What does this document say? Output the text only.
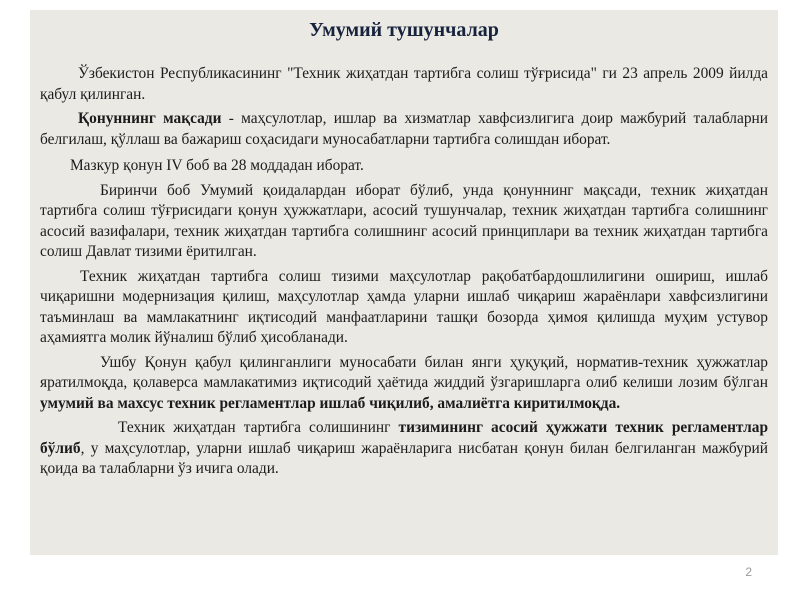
Умумий тушунчалар

Ўзбекистон Республикасининг "Техник жиҳатдан тартибга солиш тўғрисида" ги 23 апрель 2009 йилда қабул қилинган.

Қонуннинг мақсади - маҳсулотлар, ишлар ва хизматлар хавфсизлигига доир мажбурий талабларни белгилаш, қўллаш ва бажариш соҳасидаги муносабатларни тартибга солишдан иборат.

Мазкур қонун IV боб ва 28 моддадан иборат.

Биринчи боб Умумий қоидалардан иборат бўлиб, унда қонуннинг мақсади, техник жиҳатдан тартибга солиш тўғрисидаги қонун ҳужжатлари, асосий тушунчалар, техник жиҳатдан тартибга солишнинг асосий вазифалари, техник жиҳатдан тартибга солишнинг асосий принциплари ва техник жиҳатдан тартибга солиш Давлат тизими ёритилган.

Техник жиҳатдан тартибга солиш тизими маҳсулотлар рақобатбардошлилигини ошириш, ишлаб чиқаришни модернизация қилиш, маҳсулотлар ҳамда уларни ишлаб чиқариш жараёнлари хавфсизлигини таъминлаш ва мамлакатнинг иқтисодий манфаатларини ташқи бозорда ҳимоя қилишда муҳим устувор аҳамиятга молик йўналиш бўлиб ҳисобланади.

Ушбу Қонун қабул қилинганлиги муносабати билан янги ҳуқуқий, норматив-техник ҳужжатлар яратилмоқда, қолаверса мамлакатимиз иқтисодий ҳаётида жиддий ўзгаришларга олиб келиши лозим бўлган умумий ва махсус техник регламентлар ишлаб чиқилиб, амалиётга киритилмоқда.

Техник жиҳатдан тартибга солишининг тизимининг асосий ҳужжати техник регламентлар бўлиб, у маҳсулотлар, уларни ишлаб чиқариш жараёнларига нисбатан қонун билан белгиланган мажбурий қоида ва талабларни ўз ичига олади.

2
